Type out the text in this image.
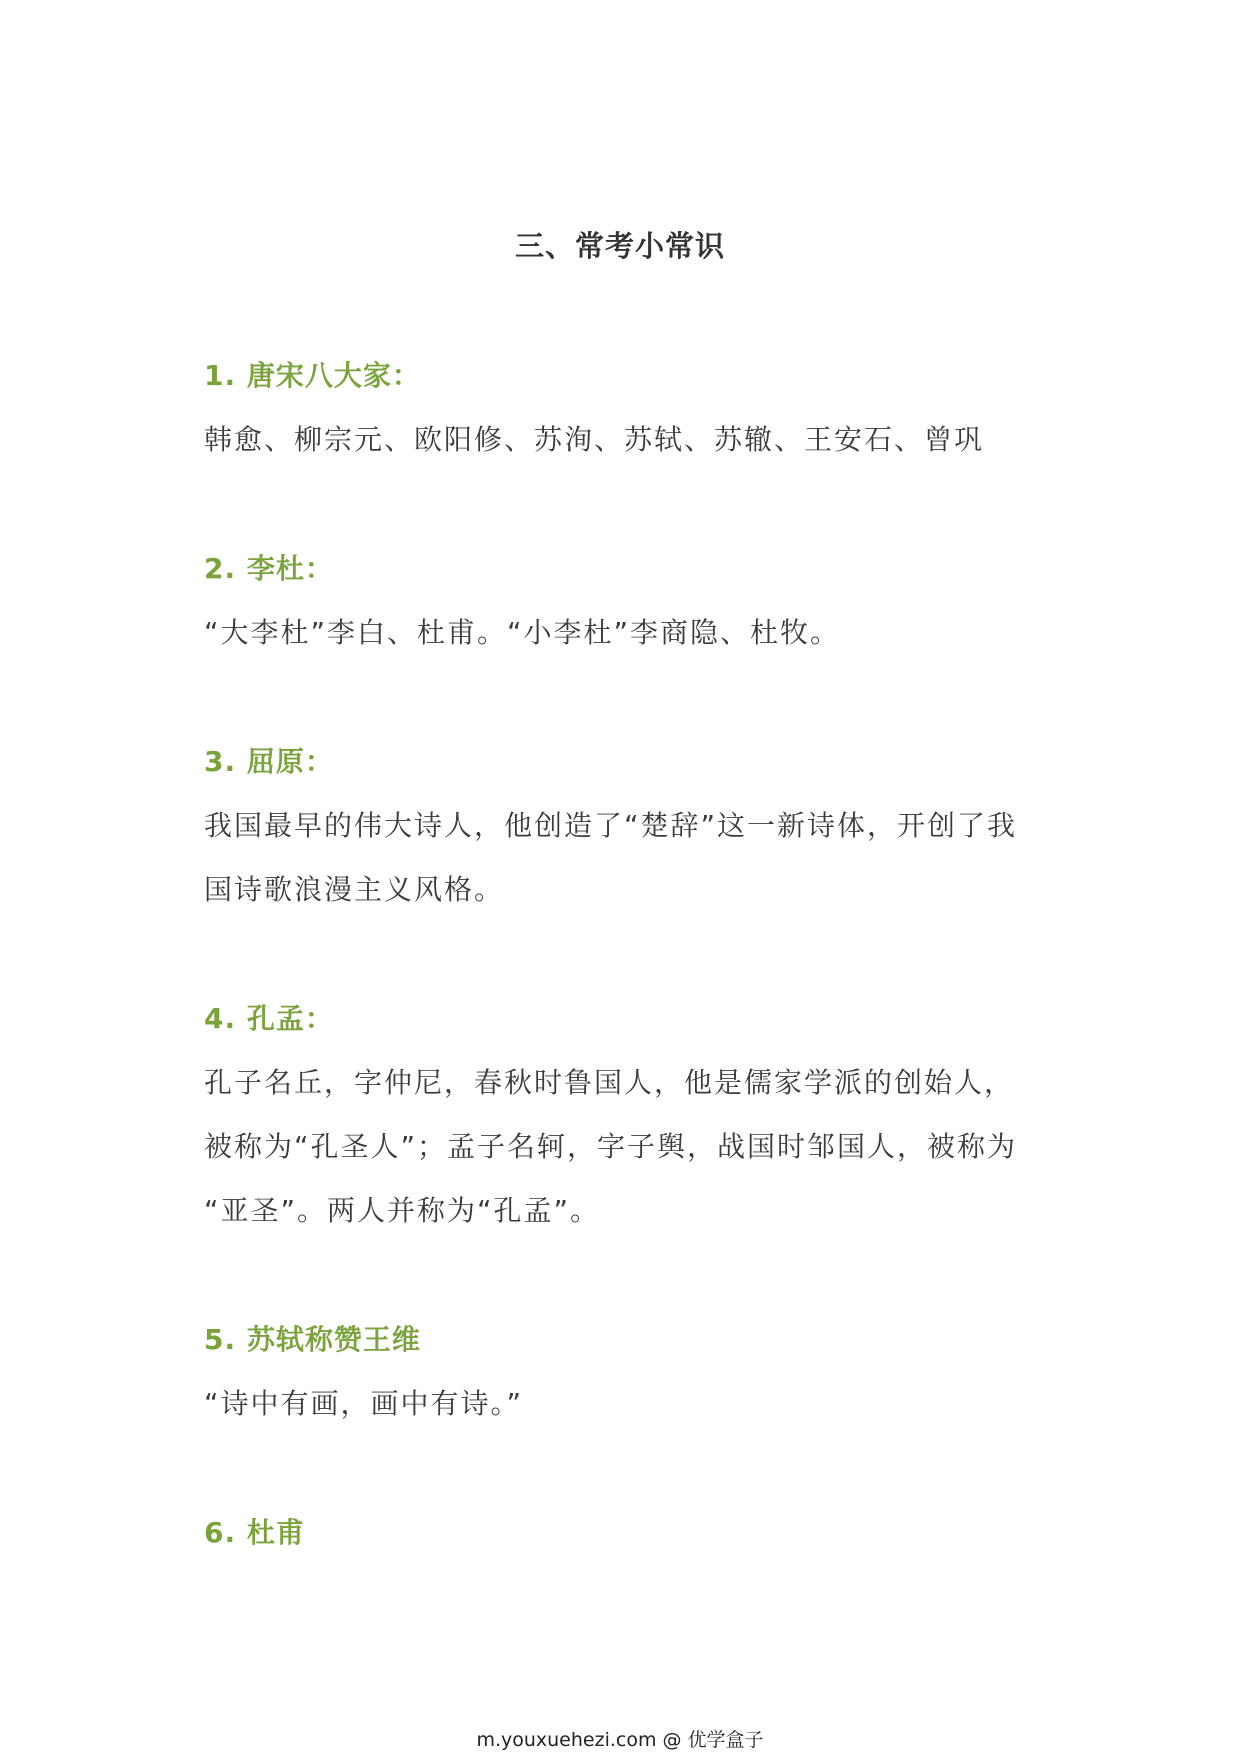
三、常考小常识
1. 唐宋八大家：
韩愈、柳宗元、欧阳修、苏洵、苏轼、苏辙、王安石、曾巩
2. 李杜：
“大李杜”李白、杜甫。“小李杜”李商隐、杜牧。
3. 屈原：
我国最早的伟大诗人，他创造了“楚辞”这一新诗体，开创了我
国诗歌浪漫主义风格。
4. 孔孟：
孔子名丘，字仲尼，春秋时鲁国人，他是儒家学派的创始人，
被称为“孔圣人”；孟子名轲，字子舆，战国时邹国人，被称为
“亚圣”。两人并称为“孔孟”。
5. 苏轼称赞王维
“诗中有画，画中有诗。”
6. 杜甫
m.youxuehezi.com @ 优学盒子
